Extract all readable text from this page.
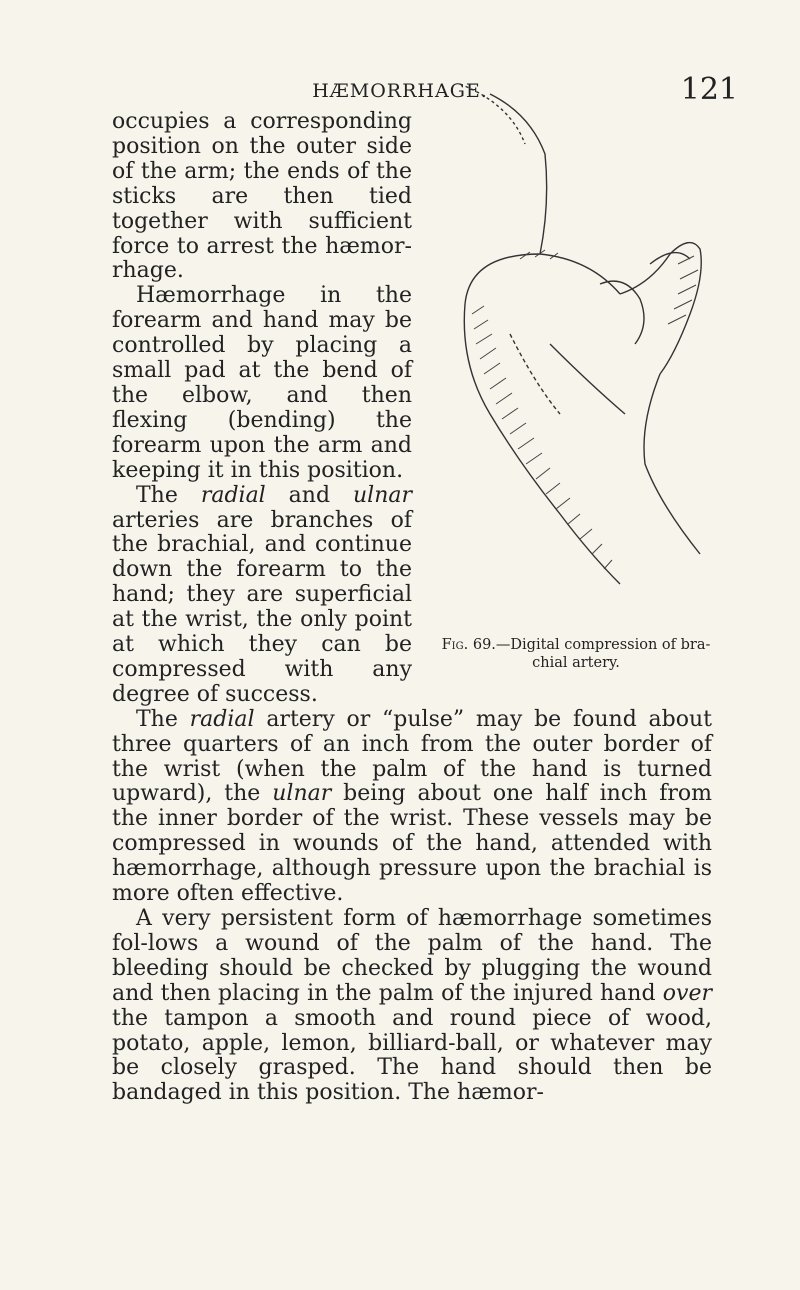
HÆMORRHAGE.	121
Fig. 69.—Digital compression of bra-chial artery.

occupies a corresponding position on the outer side of the arm; the ends of the sticks are then tied together with sufficient force to arrest the hæmor-rhage.

Hæmorrhage in the forearm and hand may be controlled by placing a small pad at the bend of the elbow, and then flexing (bending) the forearm upon the arm and keeping it in this position.

The radial and ulnar arteries are branches of the brachial, and continue down the forearm to the hand; they are superficial at the wrist, the only point at which they can be compressed with any degree of success.

The radial artery or “pulse” may be found about three quarters of an inch from the outer border of the wrist (when the palm of the hand is turned upward), the ulnar being about one half inch from the inner border of the wrist. These vessels may be compressed in wounds of the hand, attended with hæmorrhage, although pressure upon the brachial is more often effective.

A very persistent form of hæmorrhage sometimes fol-lows a wound of the palm of the hand. The bleeding should be checked by plugging the wound and then placing in the palm of the injured hand over the tampon a smooth and round piece of wood, potato, apple, lemon, billiard-ball, or whatever may be closely grasped. The hand should then be bandaged in this position. The hæmor-
